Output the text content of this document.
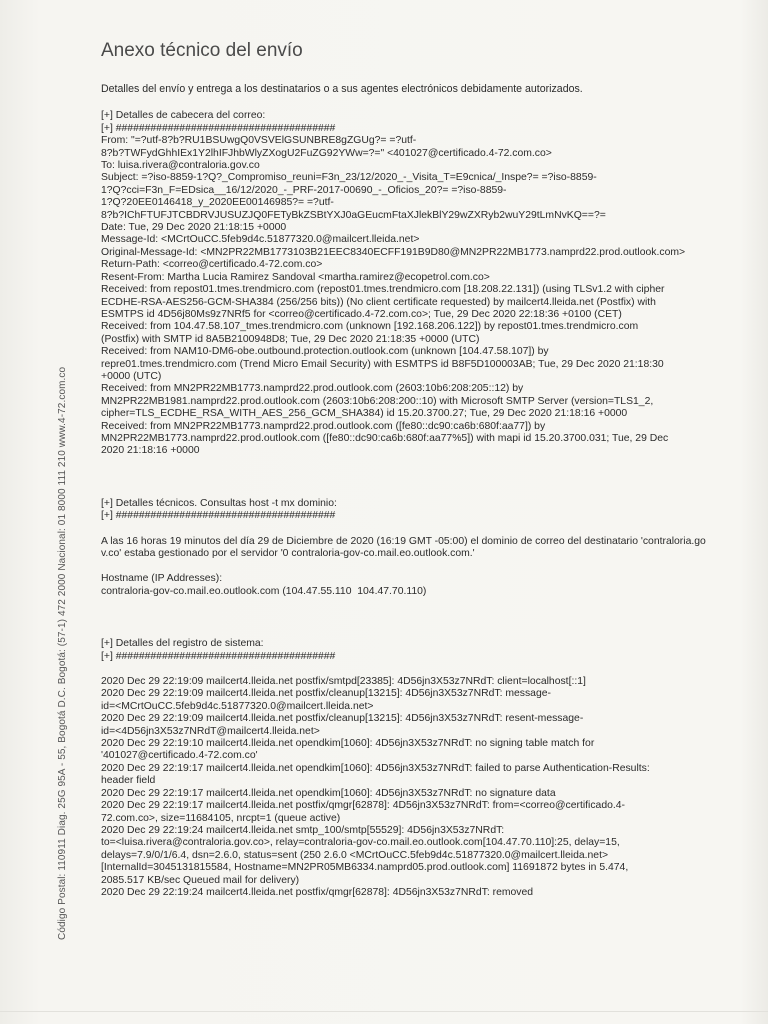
Código Postal: 110911 Diag. 25G 95A - 55, Bogotá D.C. Bogotá: (57-1) 472 2000 Nacional: 01 8000 111 210 www.4-72.com.co
Anexo técnico del envío

Detalles del envío y entrega a los destinatarios o a sus agentes electrónicos debidamente autorizados.

[+] Detalles de cabecera del correo:
[+] ######################################
From: "=?utf-8?b?RU1BSUwgQ0VSVElGSUNBRE8gZGUg?= =?utf-
8?b?TWFydGhhIEx1Y2lhIFJhbWlyZXogU2FuZG92YWw=?=" <401027@certificado.4-72.com.co>
To: luisa.rivera@contraloria.gov.co
Subject: =?iso-8859-1?Q?_Compromiso_reuni=F3n_23/12/2020_-_Visita_T=E9cnica/_Inspe?= =?iso-8859-
1?Q?cci=F3n_F=EDsica__16/12/2020_-_PRF-2017-00690_-_Oficios_20?= =?iso-8859-
1?Q?20EE0146418_y_2020EE00146985?= =?utf-
8?b?IChFTUFJTCBDRVJUSUZJQ0FETyBkZSBtYXJ0aGEucmFtaXJlekBlY29wZXRyb2wuY29tLmNvKQ==?=
Date: Tue, 29 Dec 2020 21:18:15 +0000
Message-Id: <MCrtOuCC.5feb9d4c.51877320.0@mailcert.lleida.net>
Original-Message-Id: <MN2PR22MB1773103B21EEC8340ECFF191B9D80@MN2PR22MB1773.namprd22.prod.outlook.com>
Return-Path: <correo@certificado.4-72.com.co>
Resent-From: Martha Lucia Ramirez Sandoval <martha.ramirez@ecopetrol.com.co>
Received: from repost01.tmes.trendmicro.com (repost01.tmes.trendmicro.com [18.208.22.131]) (using TLSv1.2 with cipher
ECDHE-RSA-AES256-GCM-SHA384 (256/256 bits)) (No client certificate requested) by mailcert4.lleida.net (Postfix) with
ESMTPS id 4D56j80Ms9z7NRf5 for <correo@certificado.4-72.com.co>; Tue, 29 Dec 2020 22:18:36 +0100 (CET)
Received: from 104.47.58.107_tmes.trendmicro.com (unknown [192.168.206.122]) by repost01.tmes.trendmicro.com
(Postfix) with SMTP id 8A5B2100948D8; Tue, 29 Dec 2020 21:18:35 +0000 (UTC)
Received: from NAM10-DM6-obe.outbound.protection.outlook.com (unknown [104.47.58.107]) by
repre01.tmes.trendmicro.com (Trend Micro Email Security) with ESMTPS id B8F5D100003AB; Tue, 29 Dec 2020 21:18:30
+0000 (UTC)
Received: from MN2PR22MB1773.namprd22.prod.outlook.com (2603:10b6:208:205::12) by
MN2PR22MB1981.namprd22.prod.outlook.com (2603:10b6:208:200::10) with Microsoft SMTP Server (version=TLS1_2,
cipher=TLS_ECDHE_RSA_WITH_AES_256_GCM_SHA384) id 15.20.3700.27; Tue, 29 Dec 2020 21:18:16 +0000
Received: from MN2PR22MB1773.namprd22.prod.outlook.com ([fe80::dc90:ca6b:680f:aa77]) by
MN2PR22MB1773.namprd22.prod.outlook.com ([fe80::dc90:ca6b:680f:aa77%5]) with mapi id 15.20.3700.031; Tue, 29 Dec
2020 21:18:16 +0000
[+] Detalles técnicos. Consultas host -t mx dominio:
[+] ######################################
A las 16 horas 19 minutos del día 29 de Diciembre de 2020 (16:19 GMT -05:00) el dominio de correo del destinatario 'contraloria.gov.co' estaba gestionado por el servidor '0 contraloria-gov-co.mail.eo.outlook.com.'
Hostname (IP Addresses):
contraloria-gov-co.mail.eo.outlook.com (104.47.55.110  104.47.70.110)
[+] Detalles del registro de sistema:
[+] ######################################
2020 Dec 29 22:19:09 mailcert4.lleida.net postfix/smtpd[23385]: 4D56jn3X53z7NRdT: client=localhost[::1]
2020 Dec 29 22:19:09 mailcert4.lleida.net postfix/cleanup[13215]: 4D56jn3X53z7NRdT: message-
id=<MCrtOuCC.5feb9d4c.51877320.0@mailcert.lleida.net>
2020 Dec 29 22:19:09 mailcert4.lleida.net postfix/cleanup[13215]: 4D56jn3X53z7NRdT: resent-message-
id=<4D56jn3X53z7NRdT@mailcert4.lleida.net>
2020 Dec 29 22:19:10 mailcert4.lleida.net opendkim[1060]: 4D56jn3X53z7NRdT: no signing table match for
'401027@certificado.4-72.com.co'
2020 Dec 29 22:19:17 mailcert4.lleida.net opendkim[1060]: 4D56jn3X53z7NRdT: failed to parse Authentication-Results:
header field
2020 Dec 29 22:19:17 mailcert4.lleida.net opendkim[1060]: 4D56jn3X53z7NRdT: no signature data
2020 Dec 29 22:19:17 mailcert4.lleida.net postfix/qmgr[62878]: 4D56jn3X53z7NRdT: from=<correo@certificado.4-
72.com.co>, size=11684105, nrcpt=1 (queue active)
2020 Dec 29 22:19:24 mailcert4.lleida.net smtp_100/smtp[55529]: 4D56jn3X53z7NRdT:
to=<luisa.rivera@contraloria.gov.co>, relay=contraloria-gov-co.mail.eo.outlook.com[104.47.70.110]:25, delay=15,
delays=7.9/0/1/6.4, dsn=2.6.0, status=sent (250 2.6.0 <MCrtOuCC.5feb9d4c.51877320.0@mailcert.lleida.net>
[InternalId=3045131815584, Hostname=MN2PR05MB6334.namprd05.prod.outlook.com] 11691872 bytes in 5.474,
2085.517 KB/sec Queued mail for delivery)
2020 Dec 29 22:19:24 mailcert4.lleida.net postfix/qmgr[62878]: 4D56jn3X53z7NRdT: removed
